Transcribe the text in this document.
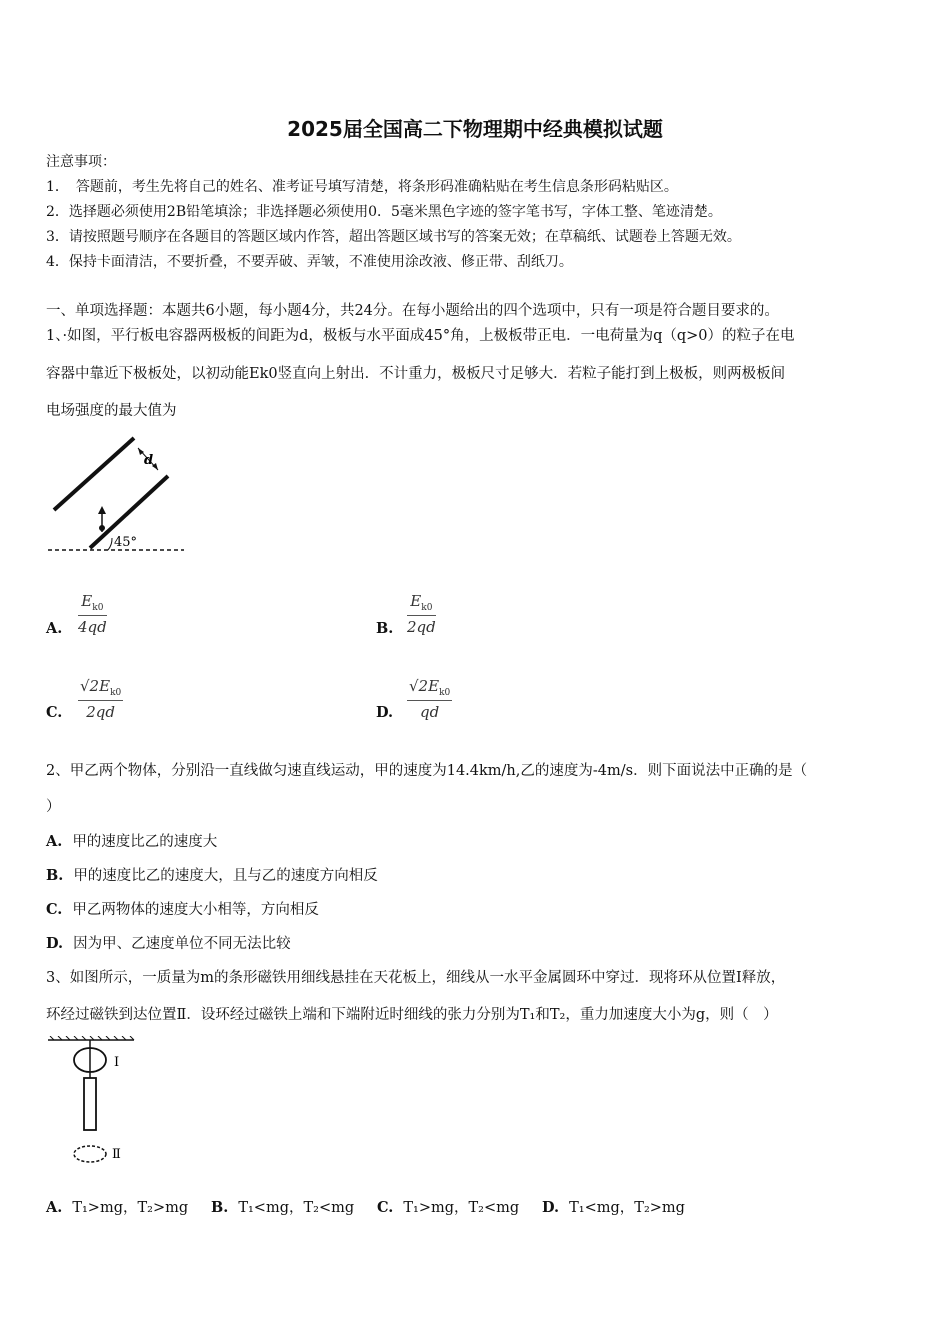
2025届全国高二下物理期中经典模拟试题
注意事项：
1．　答题前，考生先将自己的姓名、准考证号填写清楚，将条形码准确粘贴在考生信息条形码粘贴区。
2．选择题必须使用2B铅笔填涂；非选择题必须使用0．5毫米黑色字迹的签字笔书写，字体工整、笔迹清楚。
3．请按照题号顺序在各题目的答题区域内作答，超出答题区域书写的答案无效；在草稿纸、试题卷上答题无效。
4．保持卡面清洁，不要折叠，不要弄破、弄皱，不准使用涂改液、修正带、刮纸刀。
一、单项选择题：本题共6小题，每小题4分，共24分。在每小题给出的四个选项中，只有一项是符合题目要求的。
1、·如图，平行板电容器两极板的间距为d，极板与水平面成45°角，上极板带正电．一电荷量为q（q>0）的粒子在电
容器中靠近下极板处，以初动能Ek0竖直向上射出．不计重力，极板尺寸足够大．若粒子能打到上极板，则两极板间
电场强度的最大值为
d
45°
A.	$\frac{E_{k0}}{4qd}$	B. $\frac{E_{k0}}{2qd}$
C.	$\frac{√2E_{k0}}{2qd}$	D. $\frac{√2E_{k0}}{qd}$
2、甲乙两个物体，分别沿一直线做匀速直线运动，甲的速度为14.4km/h,乙的速度为-4m/s．则下面说法中正确的是（
）
A. 甲的速度比乙的速度大
B. 甲的速度比乙的速度大，且与乙的速度方向相反
C. 甲乙两物体的速度大小相等，方向相反
D. 因为甲、乙速度单位不同无法比较
3、如图所示，一质量为m的条形磁铁用细线悬挂在天花板上，细线从一水平金属圆环中穿过．现将环从位置Ⅰ释放，
环经过磁铁到达位置Ⅱ．设环经过磁铁上端和下端附近时细线的张力分别为T₁和T₂，重力加速度大小为g，则（　）
Ⅰ
Ⅱ
A. T₁>mg，T₂>mg B. T₁<mg，T₂<mg C. T₁>mg，T₂<mg D. T₁<mg，T₂>mg
